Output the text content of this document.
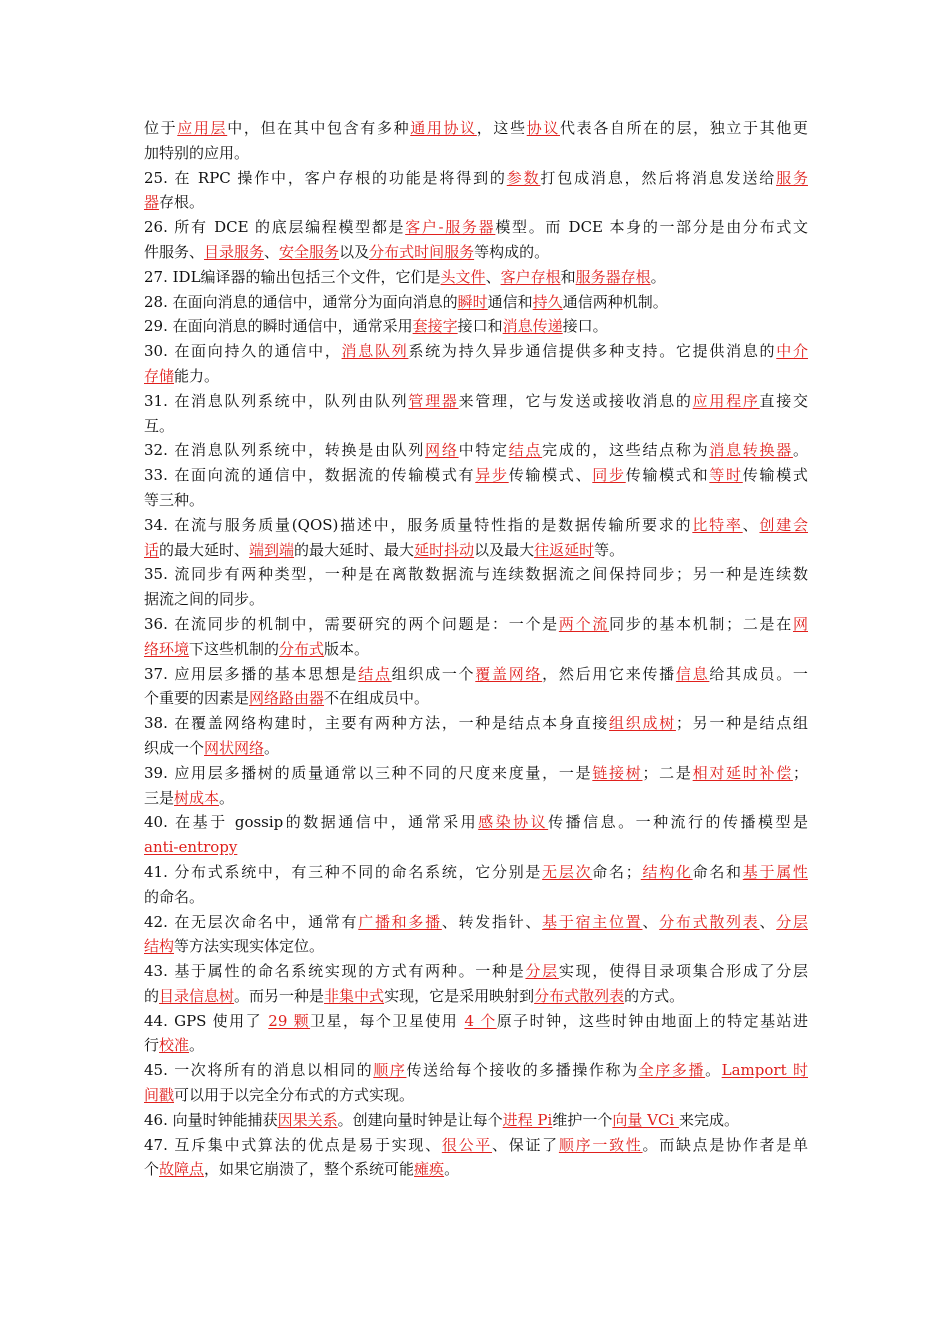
位于应用层中，但在其中包含有多种通用协议，这些协议代表各自所在的层，独立于其他更
加特别的应用。
25. 在 RPC 操作中，客户存根的功能是将得到的参数打包成消息，然后将消息发送给服务
器存根。
26. 所有 DCE 的底层编程模型都是客户-服务器模型。而 DCE 本身的一部分是由分布式文
件服务、目录服务、安全服务以及分布式时间服务等构成的。
27. IDL编译器的输出包括三个文件，它们是头文件、客户存根和服务器存根。
28. 在面向消息的通信中，通常分为面向消息的瞬时通信和持久通信两种机制。
29. 在面向消息的瞬时通信中，通常采用套接字接口和消息传递接口。
30. 在面向持久的通信中，消息队列系统为持久异步通信提供多种支持。它提供消息的中介
存储能力。
31. 在消息队列系统中，队列由队列管理器来管理，它与发送或接收消息的应用程序直接交
互。
32. 在消息队列系统中，转换是由队列网络中特定结点完成的，这些结点称为消息转换器。
33. 在面向流的通信中，数据流的传输模式有异步传输模式、同步传输模式和等时传输模式
等三种。
34. 在流与服务质量(QOS)描述中，服务质量特性指的是数据传输所要求的比特率、创建会
话的最大延时、端到端的最大延时、最大延时抖动以及最大往返延时等。
35. 流同步有两种类型，一种是在离散数据流与连续数据流之间保持同步；另一种是连续数
据流之间的同步。
36. 在流同步的机制中，需要研究的两个问题是：一个是两个流同步的基本机制；二是在网
络环境下这些机制的分布式版本。
37. 应用层多播的基本思想是结点组织成一个覆盖网络，然后用它来传播信息给其成员。一
个重要的因素是网络路由器不在组成员中。
38. 在覆盖网络构建时，主要有两种方法，一种是结点本身直接组织成树；另一种是结点组
织成一个网状网络。
39. 应用层多播树的质量通常以三种不同的尺度来度量，一是链接树；二是相对延时补偿；
三是树成本。
40. 在基于 gossip的数据通信中，通常采用感染协议传播信息。一种流行的传播模型是
anti-entropy
41. 分布式系统中，有三种不同的命名系统，它分别是无层次命名；结构化命名和基于属性
的命名。
42. 在无层次命名中，通常有广播和多播、转发指针、基于宿主位置、分布式散列表、分层
结构等方法实现实体定位。
43. 基于属性的命名系统实现的方式有两种。一种是分层实现，使得目录项集合形成了分层
的目录信息树。而另一种是非集中式实现，它是采用映射到分布式散列表的方式。
44. GPS 使用了 29 颗卫星，每个卫星使用 4 个原子时钟，这些时钟由地面上的特定基站进
行校准。
45. 一次将所有的消息以相同的顺序传送给每个接收的多播操作称为全序多播。Lamport 时
间戳可以用于以完全分布式的方式实现。
46. 向量时钟能捕获因果关系。创建向量时钟是让每个进程 Pi维护一个向量 VCi 来完成。
47. 互斥集中式算法的优点是易于实现、很公平、保证了顺序一致性。而缺点是协作者是单
个故障点，如果它崩溃了，整个系统可能瘫痪。
